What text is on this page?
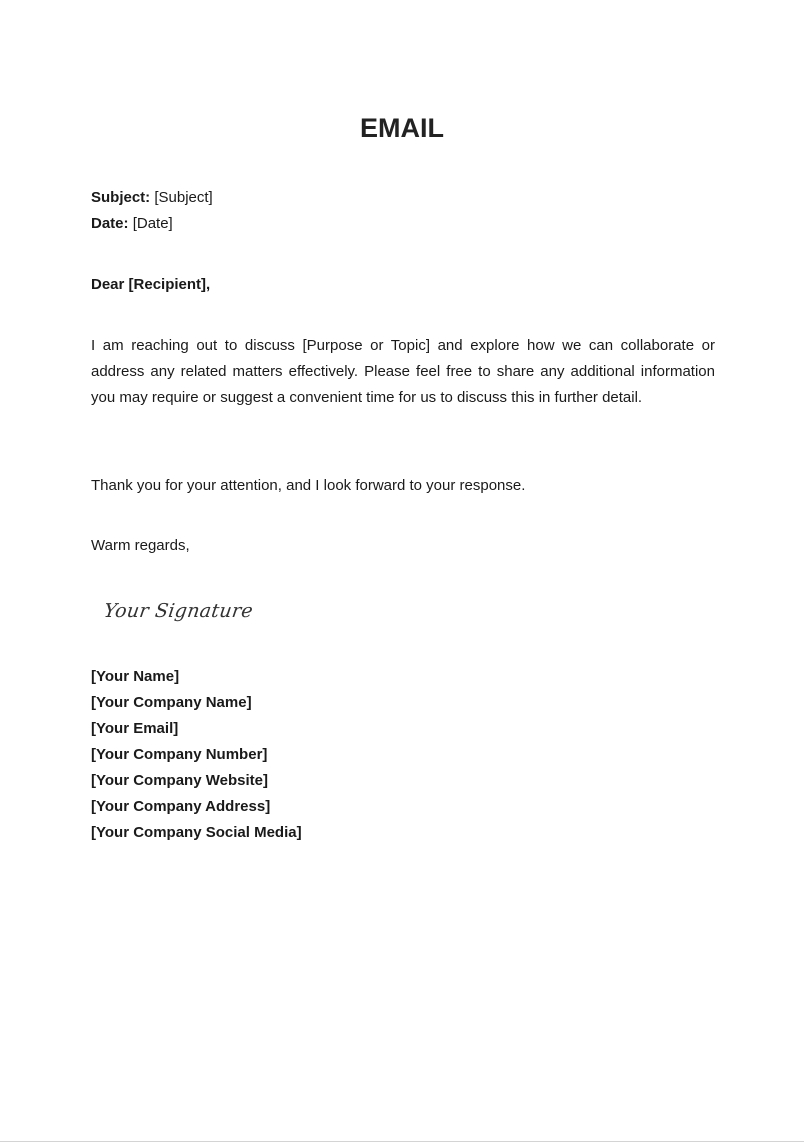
EMAIL
Subject: [Subject]
Date: [Date]
Dear [Recipient],
I am reaching out to discuss [Purpose or Topic] and explore how we can collaborate or address any related matters effectively. Please feel free to share any additional information you may require or suggest a convenient time for us to discuss this in further detail.
Thank you for your attention, and I look forward to your response.
Warm regards,
Your Signature
[Your Name]
[Your Company Name]
[Your Email]
[Your Company Number]
[Your Company Website]
[Your Company Address]
[Your Company Social Media]
